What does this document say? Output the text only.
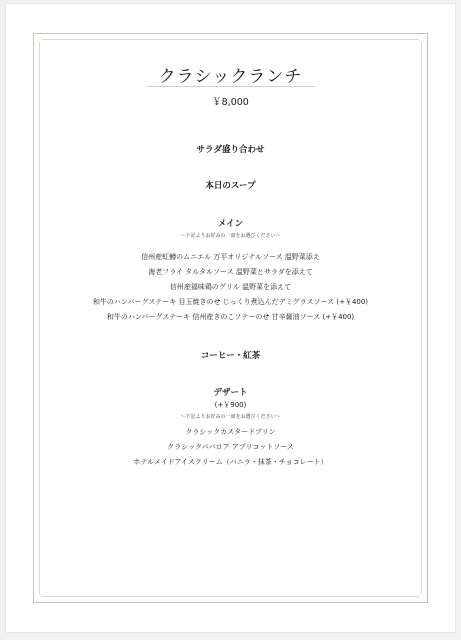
クラシックランチ
￥8,000
サラダ盛り合わせ
本日のスープ
メイン
〜下記よりお好みの一皿をお選びください〜
信州産虹鱒のムニエル 万平オリジナルソース 温野菜添え
海老フライ タルタルソース 温野菜とサラダを添えて
信州産福味鶏のグリル 温野菜を添えて
和牛のハンバーグステーキ 目玉焼きのせ じっくり煮込んだデミグラスソース (+￥400)
和牛のハンバーグステーキ 信州産きのこソテーのせ 甘辛醤油ソース (+￥400)
コーヒー・紅茶
デザート
(+￥900)
〜下記よりお好みの一皿をお選びください〜
クラシックカスタードプリン
クラシックババロア アプリコットソース
ホテルメイドアイスクリーム（バニラ・抹茶・チョコレート）
